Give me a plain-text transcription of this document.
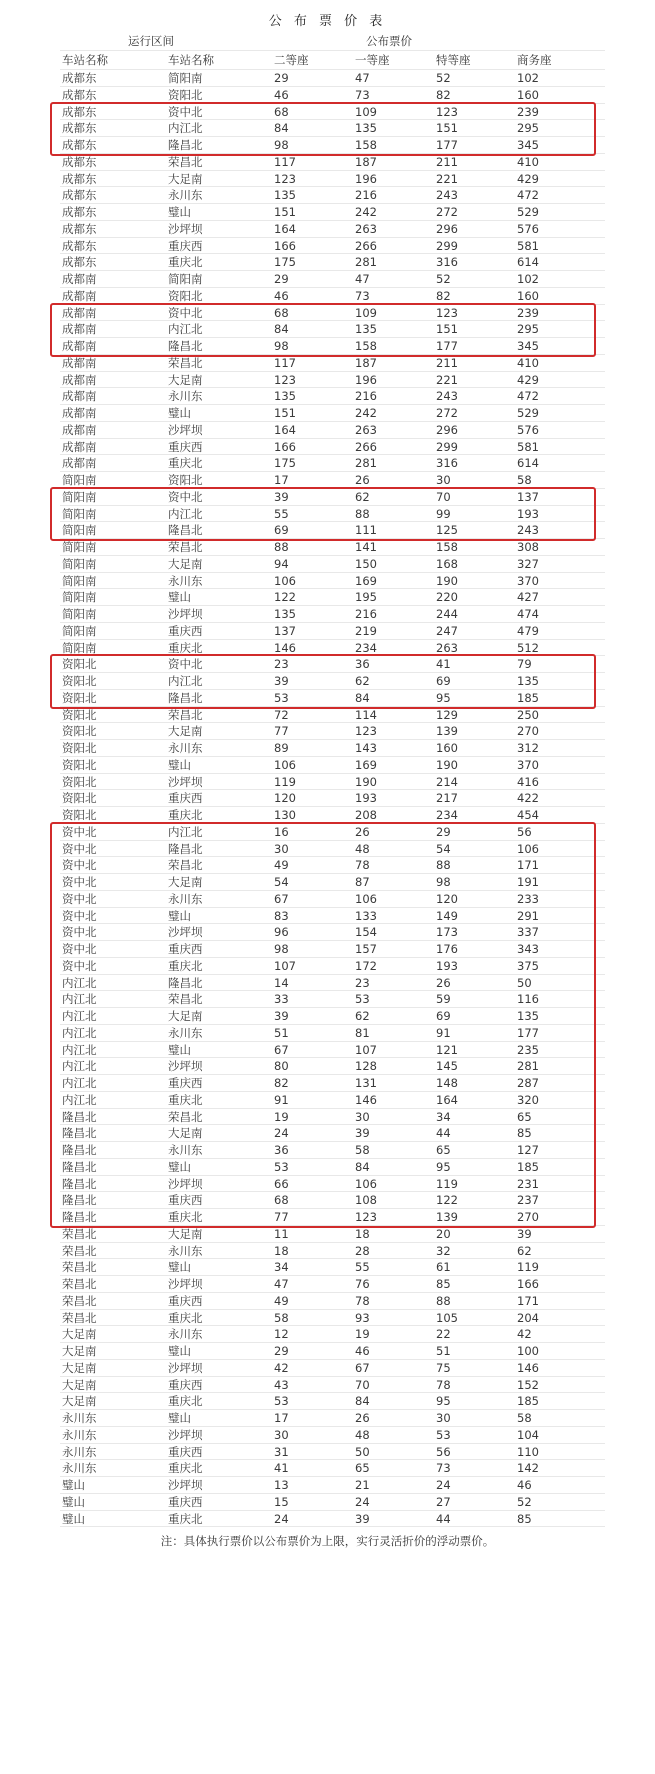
公 布 票 价 表
运行区间	公布票价
车站名称	车站名称	二等座	一等座	特等座	商务座
成都东	简阳南	29	47	52	102
成都东	资阳北	46	73	82	160
成都东	资中北	68	109	123	239
成都东	内江北	84	135	151	295
成都东	隆昌北	98	158	177	345
成都东	荣昌北	117	187	211	410
成都东	大足南	123	196	221	429
成都东	永川东	135	216	243	472
成都东	璧山	151	242	272	529
成都东	沙坪坝	164	263	296	576
成都东	重庆西	166	266	299	581
成都东	重庆北	175	281	316	614
成都南	简阳南	29	47	52	102
成都南	资阳北	46	73	82	160
成都南	资中北	68	109	123	239
成都南	内江北	84	135	151	295
成都南	隆昌北	98	158	177	345
成都南	荣昌北	117	187	211	410
成都南	大足南	123	196	221	429
成都南	永川东	135	216	243	472
成都南	璧山	151	242	272	529
成都南	沙坪坝	164	263	296	576
成都南	重庆西	166	266	299	581
成都南	重庆北	175	281	316	614
简阳南	资阳北	17	26	30	58
简阳南	资中北	39	62	70	137
简阳南	内江北	55	88	99	193
简阳南	隆昌北	69	111	125	243
简阳南	荣昌北	88	141	158	308
简阳南	大足南	94	150	168	327
简阳南	永川东	106	169	190	370
简阳南	璧山	122	195	220	427
简阳南	沙坪坝	135	216	244	474
简阳南	重庆西	137	219	247	479
简阳南	重庆北	146	234	263	512
资阳北	资中北	23	36	41	79
资阳北	内江北	39	62	69	135
资阳北	隆昌北	53	84	95	185
资阳北	荣昌北	72	114	129	250
资阳北	大足南	77	123	139	270
资阳北	永川东	89	143	160	312
资阳北	璧山	106	169	190	370
资阳北	沙坪坝	119	190	214	416
资阳北	重庆西	120	193	217	422
资阳北	重庆北	130	208	234	454
资中北	内江北	16	26	29	56
资中北	隆昌北	30	48	54	106
资中北	荣昌北	49	78	88	171
资中北	大足南	54	87	98	191
资中北	永川东	67	106	120	233
资中北	璧山	83	133	149	291
资中北	沙坪坝	96	154	173	337
资中北	重庆西	98	157	176	343
资中北	重庆北	107	172	193	375
内江北	隆昌北	14	23	26	50
内江北	荣昌北	33	53	59	116
内江北	大足南	39	62	69	135
内江北	永川东	51	81	91	177
内江北	璧山	67	107	121	235
内江北	沙坪坝	80	128	145	281
内江北	重庆西	82	131	148	287
内江北	重庆北	91	146	164	320
隆昌北	荣昌北	19	30	34	65
隆昌北	大足南	24	39	44	85
隆昌北	永川东	36	58	65	127
隆昌北	璧山	53	84	95	185
隆昌北	沙坪坝	66	106	119	231
隆昌北	重庆西	68	108	122	237
隆昌北	重庆北	77	123	139	270
荣昌北	大足南	11	18	20	39
荣昌北	永川东	18	28	32	62
荣昌北	璧山	34	55	61	119
荣昌北	沙坪坝	47	76	85	166
荣昌北	重庆西	49	78	88	171
荣昌北	重庆北	58	93	105	204
大足南	永川东	12	19	22	42
大足南	璧山	29	46	51	100
大足南	沙坪坝	42	67	75	146
大足南	重庆西	43	70	78	152
大足南	重庆北	53	84	95	185
永川东	璧山	17	26	30	58
永川东	沙坪坝	30	48	53	104
永川东	重庆西	31	50	56	110
永川东	重庆北	41	65	73	142
璧山	沙坪坝	13	21	24	46
璧山	重庆西	15	24	27	52
璧山	重庆北	24	39	44	85
注：具体执行票价以公布票价为上限，实行灵活折价的浮动票价。
